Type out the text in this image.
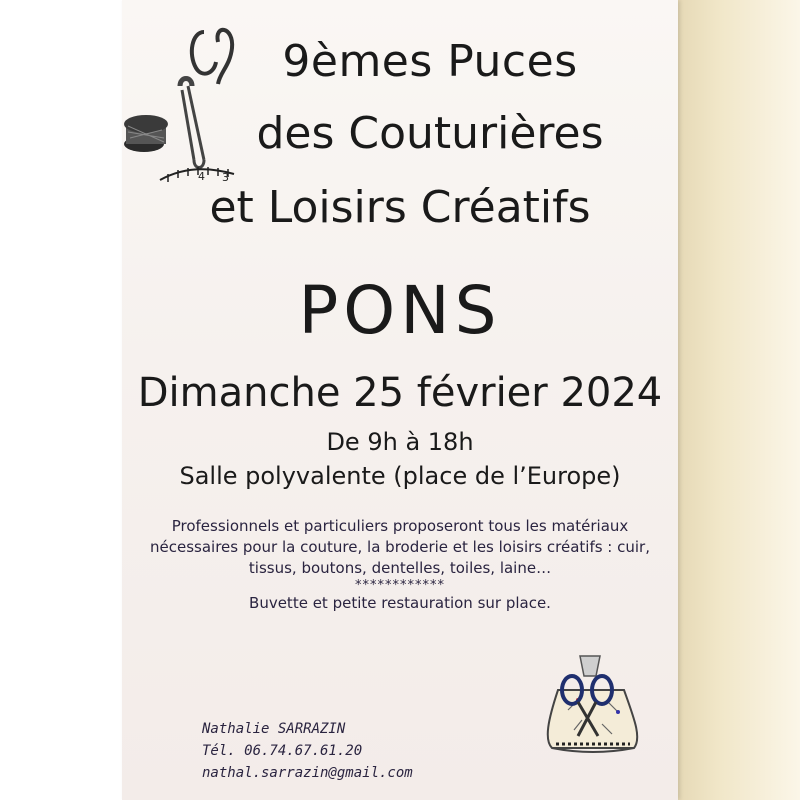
4 3
9èmes Puces
des Couturières
et Loisirs Créatifs
PONS
Dimanche 25 février 2024
De 9h à 18h
Salle polyvalente (place de l’Europe)
Professionnels et particuliers proposeront tous les matériaux
nécessaires pour la couture, la broderie et les loisirs créatifs : cuir,
tissus, boutons, dentelles, toiles, laine…
************
Buvette et petite restauration sur place.
Nathalie SARRAZIN
Tél. 06.74.67.61.20
nathal.sarrazin@gmail.com
